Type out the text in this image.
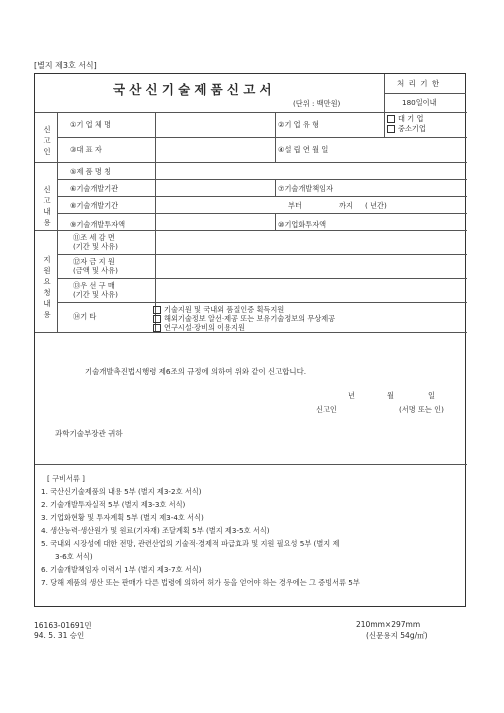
[별지 제3호 서식]
국산신기술제품신고서
(단위 : 백만원)
처 리 기 한
180일이내
신고인
①기 업 체 명	②기 업 유 형
대 기 업
중소기업
③대 표 자	④설 립 연 월 일
신고내용
⑤제 품 명 칭
⑥기술개발기관	⑦기술개발책임자
⑧기술개발기간	부터	까지 ( 년간)
⑨기술개발투자액	⑩기업화투자액
지원요청내용
⑪조 세 감 면
(기간 및 사유)
⑫자 금 지 원
(금액 및 사유)
⑬우 선 구 매
(기간 및 사유)
⑭기 타
기술지원 및 국내외 품질인증 획득지원
해외기술정보 알선·제공 또는 보유기술정보의 무상제공
연구시설·장비의 이용지원
기술개발촉진법시행령 제6조의 규정에 의하여 위와 같이 신고합니다.
년	월	일
신고인	(서명 또는 인)
과학기술부장관 귀하
[ 구비서류 ]
1. 국산신기술제품의 내용 5부 (별지 제3-2호 서식)
2. 기술개발투자실적 5부 (별지 제3-3호 서식)
3. 기업화현황 및 투자계획 5부 (별지 제3-4호 서식)
4. 생산능력·생산원가 및 원료(기자재) 조달계획 5부 (별지 제3-5호 서식)
5. 국내외 시장성에 대한 전망, 관련산업의 기술적·경제적 파급효과 및 지원 필요성 5부 (별지 제
3-6호 서식)
6. 기술개발책임자 이력서 1부 (별지 제3-7호 서식)
7. 당해 제품의 생산 또는 판매가 다른 법령에 의하여 허가 등을 얻어야 하는 경우에는 그 증빙서류 5부
16163-01691민
94. 5. 31 승인
210mm×297mm
(신문용지 54g/㎡)
